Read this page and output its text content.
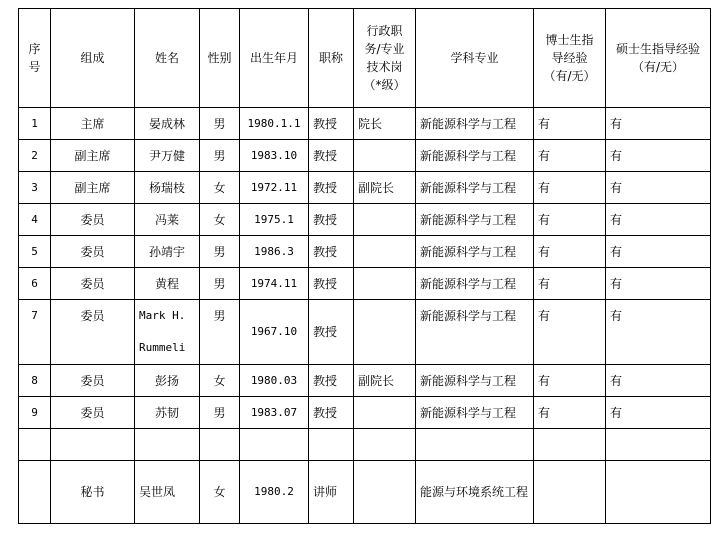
序号	组成	姓名	性别	出生年月	职称	行政职务/专业技术岗（*级）	学科专业	博士生指导经验（有/无）	硕士生指导经验（有/无）
1	主席	晏成林	男	1980.1.1	教授	院长	新能源科学与工程	有	有
2	副主席	尹万健	男	1983.10	教授		新能源科学与工程	有	有
3	副主席	杨瑞枝	女	1972.11	教授	副院长	新能源科学与工程	有	有
4	委员	冯莱	女	1975.1	教授		新能源科学与工程	有	有
5	委员	孙靖宇	男	1986.3	教授		新能源科学与工程	有	有
6	委员	黄程	男	1974.11	教授		新能源科学与工程	有	有
7	委员	Mark H. Rummeli	男	1967.10	教授		新能源科学与工程	有	有
8	委员	彭扬	女	1980.03	教授	副院长	新能源科学与工程	有	有
9	委员	苏韧	男	1983.07	教授		新能源科学与工程	有	有

	秘书	吴世凤	女	1980.2	讲师		能源与环境系统工程		
